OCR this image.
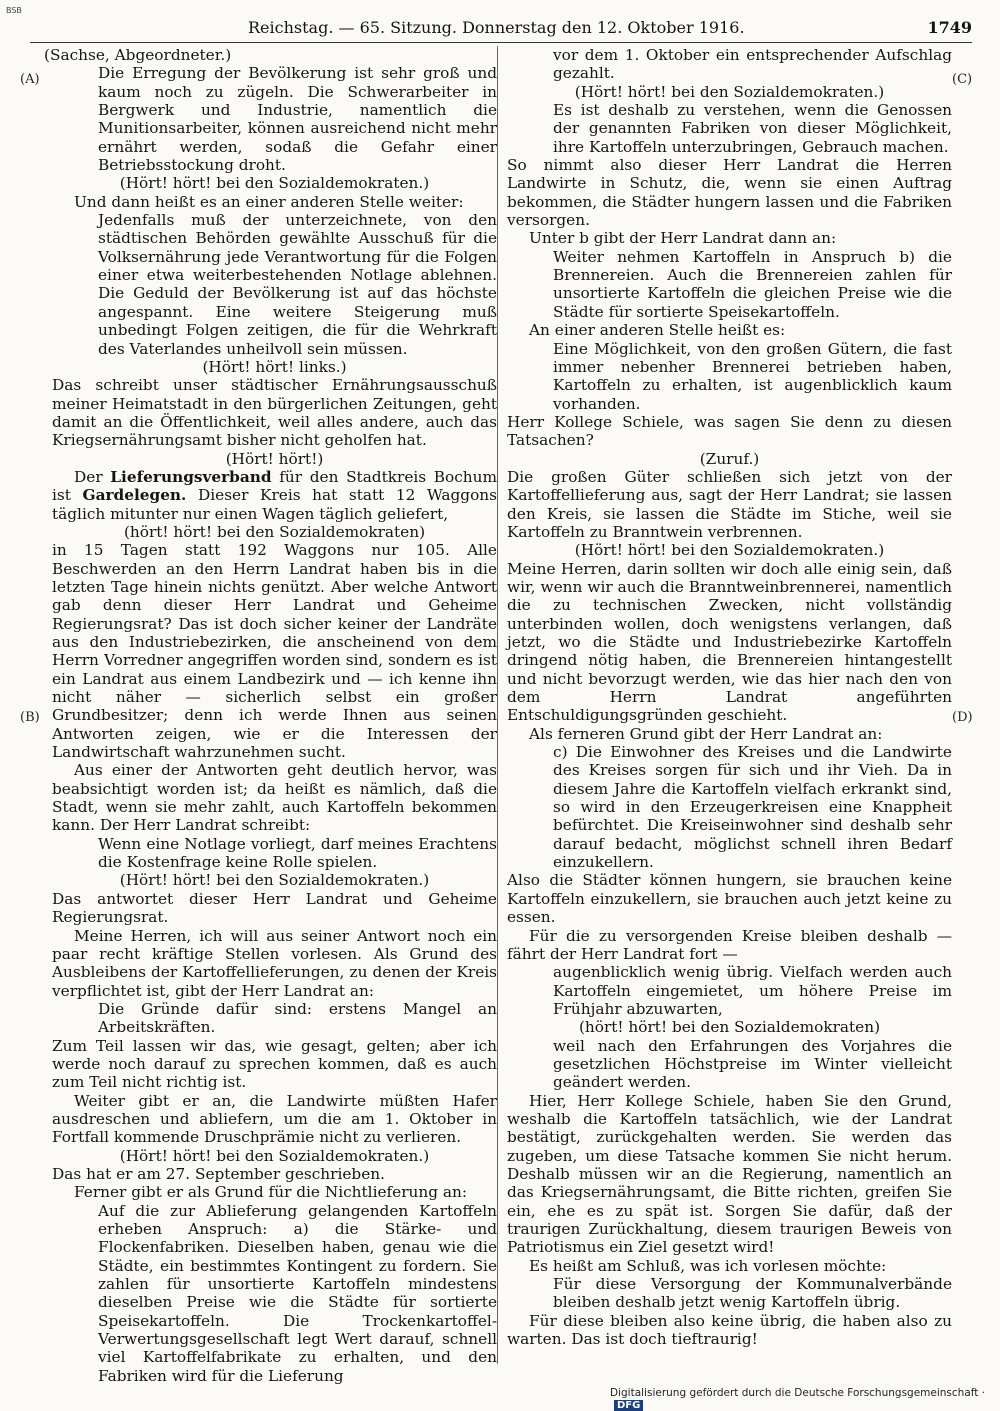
BSB
Reichstag. — 65. Sitzung. Donnerstag den 12. Oktober 1916.	1749
(A)
(B)
(C)
(D)

(Sachse, Abgeordneter.)

Die Erregung der Bevölkerung ist sehr groß und kaum noch zu zügeln. Die Schwerarbeiter in Bergwerk und Industrie, namentlich die Munitionsarbeiter, können ausreichend nicht mehr ernährt werden, sodaß die Gefahr einer Betriebsstockung droht.

(Hört! hört! bei den Sozialdemokraten.)

Und dann heißt es an einer anderen Stelle weiter:

Jedenfalls muß der unterzeichnete, von den städtischen Behörden gewählte Ausschuß für die Volksernährung jede Verantwortung für die Folgen einer etwa weiterbestehenden Notlage ablehnen. Die Geduld der Bevölkerung ist auf das höchste angespannt. Eine weitere Steigerung muß unbedingt Folgen zeitigen, die für die Wehrkraft des Vaterlandes unheilvoll sein müssen.

(Hört! hört! links.)

Das schreibt unser städtischer Ernährungsausschuß meiner Heimatstadt in den bürgerlichen Zeitungen, geht damit an die Öffentlichkeit, weil alles andere, auch das Kriegsernährungsamt bisher nicht geholfen hat.

(Hört! hört!)

Der Lieferungsverband für den Stadtkreis Bochum ist Gardelegen. Dieser Kreis hat statt 12 Waggons täglich mitunter nur einen Wagen täglich geliefert,

(hört! hört! bei den Sozialdemokraten)

in 15 Tagen statt 192 Waggons nur 105. Alle Beschwerden an den Herrn Landrat haben bis in die letzten Tage hinein nichts genützt. Aber welche Antwort gab denn dieser Herr Landrat und Geheime Regierungsrat? Das ist doch sicher keiner der Landräte aus den Industriebezirken, die anscheinend von dem Herrn Vorredner angegriffen worden sind, sondern es ist ein Landrat aus einem Landbezirk und — ich kenne ihn nicht näher — sicherlich selbst ein großer Grundbesitzer; denn ich werde Ihnen aus seinen Antworten zeigen, wie er die Interessen der Landwirtschaft wahrzunehmen sucht.

Aus einer der Antworten geht deutlich hervor, was beabsichtigt worden ist; da heißt es nämlich, daß die Stadt, wenn sie mehr zahlt, auch Kartoffeln bekommen kann. Der Herr Landrat schreibt:

Wenn eine Notlage vorliegt, darf meines Erachtens die Kostenfrage keine Rolle spielen.

(Hört! hört! bei den Sozialdemokraten.)

Das antwortet dieser Herr Landrat und Geheime Regierungsrat.

Meine Herren, ich will aus seiner Antwort noch ein paar recht kräftige Stellen vorlesen. Als Grund des Ausbleibens der Kartoffellieferungen, zu denen der Kreis verpflichtet ist, gibt der Herr Landrat an:

Die Gründe dafür sind: erstens Mangel an Arbeitskräften.

Zum Teil lassen wir das, wie gesagt, gelten; aber ich werde noch darauf zu sprechen kommen, daß es auch zum Teil nicht richtig ist.

Weiter gibt er an, die Landwirte müßten Hafer ausdreschen und abliefern, um die am 1. Oktober in Fortfall kommende Druschprämie nicht zu verlieren.

(Hört! hört! bei den Sozialdemokraten.)

Das hat er am 27. September geschrieben.

Ferner gibt er als Grund für die Nichtlieferung an:

Auf die zur Ablieferung gelangenden Kartoffeln erheben Anspruch: a) die Stärke- und Flockenfabriken. Dieselben haben, genau wie die Städte, ein bestimmtes Kontingent zu fordern. Sie zahlen für unsortierte Kartoffeln mindestens dieselben Preise wie die Städte für sortierte Speisekartoffeln. Die Trockenkartoffel-Verwertungsgesellschaft legt Wert darauf, schnell viel Kartoffelfabrikate zu erhalten, und den Fabriken wird für die Lieferung

vor dem 1. Oktober ein entsprechender Aufschlag gezahlt.

(Hört! hört! bei den Sozialdemokraten.)

Es ist deshalb zu verstehen, wenn die Genossen der genannten Fabriken von dieser Möglichkeit, ihre Kartoffeln unterzubringen, Gebrauch machen.

So nimmt also dieser Herr Landrat die Herren Landwirte in Schutz, die, wenn sie einen Auftrag bekommen, die Städter hungern lassen und die Fabriken versorgen.

Unter b gibt der Herr Landrat dann an:

Weiter nehmen Kartoffeln in Anspruch b) die Brennereien. Auch die Brennereien zahlen für unsortierte Kartoffeln die gleichen Preise wie die Städte für sortierte Speisekartoffeln.

An einer anderen Stelle heißt es:

Eine Möglichkeit, von den großen Gütern, die fast immer nebenher Brennerei betrieben haben, Kartoffeln zu erhalten, ist augenblicklich kaum vorhanden.

Herr Kollege Schiele, was sagen Sie denn zu diesen Tatsachen?

(Zuruf.)

Die großen Güter schließen sich jetzt von der Kartoffellieferung aus, sagt der Herr Landrat; sie lassen den Kreis, sie lassen die Städte im Stiche, weil sie Kartoffeln zu Branntwein verbrennen.

(Hört! hört! bei den Sozialdemokraten.)

Meine Herren, darin sollten wir doch alle einig sein, daß wir, wenn wir auch die Branntweinbrennerei, namentlich die zu technischen Zwecken, nicht vollständig unterbinden wollen, doch wenigstens verlangen, daß jetzt, wo die Städte und Industriebezirke Kartoffeln dringend nötig haben, die Brennereien hintangestellt und nicht bevorzugt werden, wie das hier nach den von dem Herrn Landrat angeführten Entschuldigungsgründen geschieht.

Als ferneren Grund gibt der Herr Landrat an:

c) Die Einwohner des Kreises und die Landwirte des Kreises sorgen für sich und ihr Vieh. Da in diesem Jahre die Kartoffeln vielfach erkrankt sind, so wird in den Erzeugerkreisen eine Knappheit befürchtet. Die Kreiseinwohner sind deshalb sehr darauf bedacht, möglichst schnell ihren Bedarf einzukellern.

Also die Städter können hungern, sie brauchen keine Kartoffeln einzukellern, sie brauchen auch jetzt keine zu essen.

Für die zu versorgenden Kreise bleiben deshalb — fährt der Herr Landrat fort —

augenblicklich wenig übrig. Vielfach werden auch Kartoffeln eingemietet, um höhere Preise im Frühjahr abzuwarten,

(hört! hört! bei den Sozialdemokraten)

weil nach den Erfahrungen des Vorjahres die gesetzlichen Höchstpreise im Winter vielleicht geändert werden.

Hier, Herr Kollege Schiele, haben Sie den Grund, weshalb die Kartoffeln tatsächlich, wie der Landrat bestätigt, zurückgehalten werden. Sie werden das zugeben, um diese Tatsache kommen Sie nicht herum. Deshalb müssen wir an die Regierung, namentlich an das Kriegsernährungsamt, die Bitte richten, greifen Sie ein, ehe es zu spät ist. Sorgen Sie dafür, daß der traurigen Zurückhaltung, diesem traurigen Beweis von Patriotismus ein Ziel gesetzt wird!

Es heißt am Schluß, was ich vorlesen möchte:

Für diese Versorgung der Kommunalverbände bleiben deshalb jetzt wenig Kartoffeln übrig.

Für diese bleiben also keine übrig, die haben also zu warten. Das ist doch tieftraurig!

Digitalisierung gefördert durch die Deutsche Forschungsgemeinschaft ·DFG
